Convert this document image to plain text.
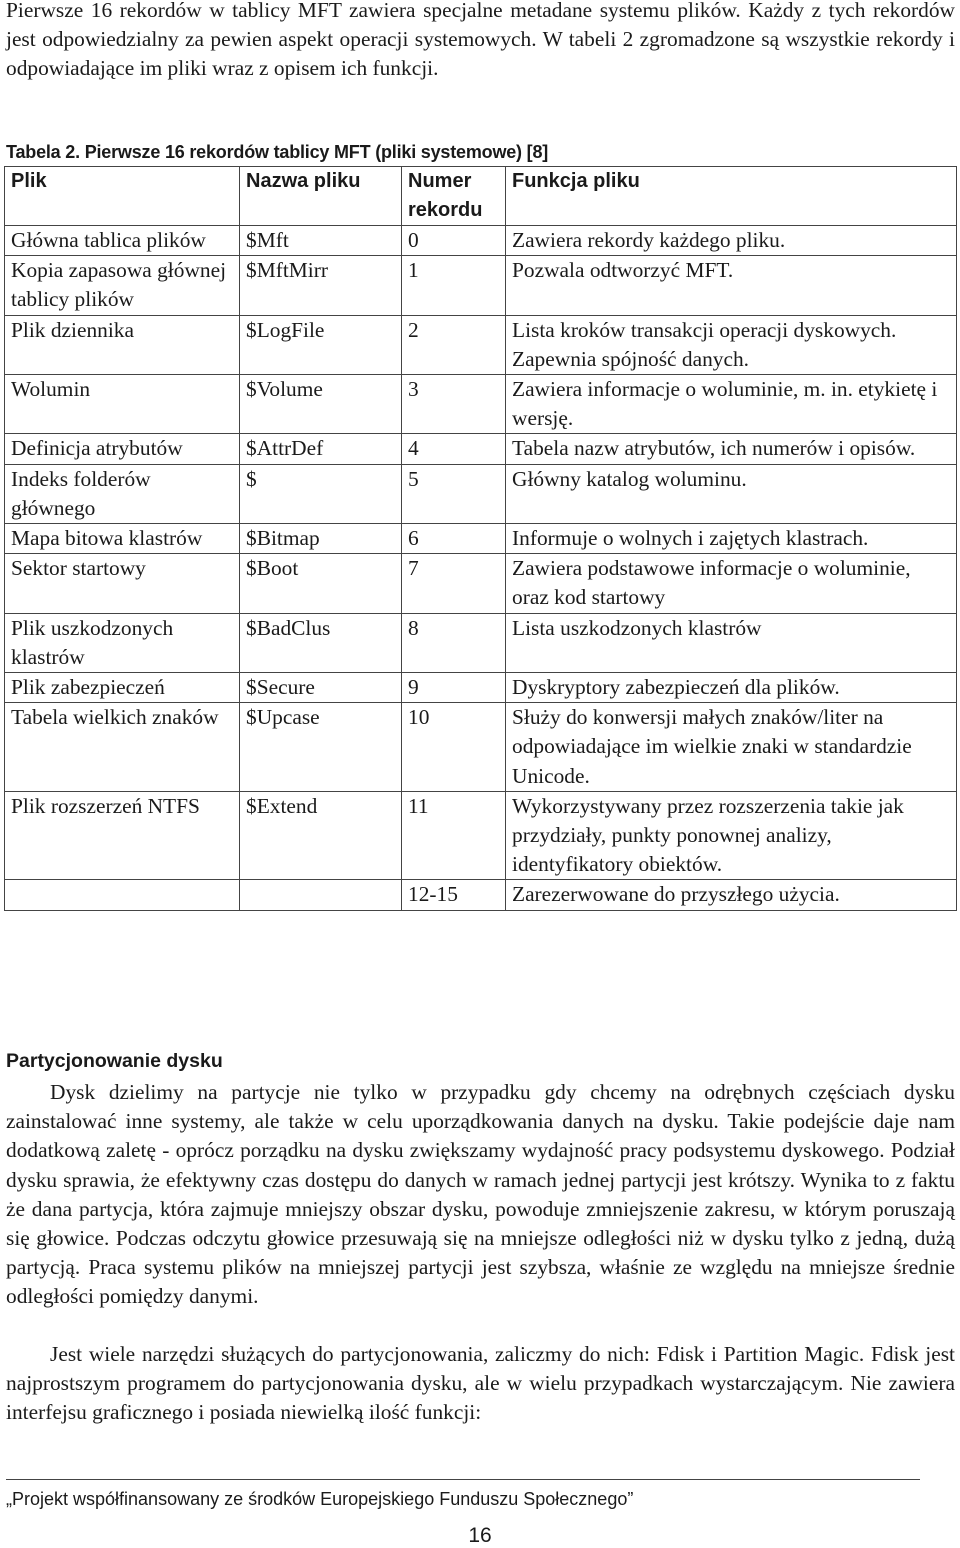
Pierwsze 16 rekordów w tablicy MFT zawiera specjalne metadane systemu plików. Każdy z tych rekordów jest odpowiedzialny za pewien aspekt operacji systemowych. W tabeli 2 zgromadzone są wszystkie rekordy i odpowiadające im pliki wraz z opisem ich funkcji.

Tabela 2. Pierwsze 16 rekordów tablicy MFT (pliki systemowe) [8]
Plik	Nazwa pliku	Numer rekordu	Funkcja pliku
Główna tablica plików	$Mft	0	Zawiera rekordy każdego pliku.
Kopia zapasowa głównej tablicy plików	$MftMirr	1	Pozwala odtworzyć MFT.
Plik dziennika	$LogFile	2	Lista kroków transakcji operacji dyskowych. Zapewnia spójność danych.
Wolumin	$Volume	3	Zawiera informacje o woluminie, m. in. etykietę i wersję.
Definicja atrybutów	$AttrDef	4	Tabela nazw atrybutów, ich numerów i opisów.
Indeks folderów głównego	$	5	Główny katalog woluminu.
Mapa bitowa klastrów	$Bitmap	6	Informuje o wolnych i zajętych klastrach.
Sektor startowy	$Boot	7	Zawiera podstawowe informacje o woluminie, oraz kod startowy
Plik uszkodzonych klastrów	$BadClus	8	Lista uszkodzonych klastrów
Plik zabezpieczeń	$Secure	9	Dyskryptory zabezpieczeń dla plików.
Tabela wielkich znaków	$Upcase	10	Służy do konwersji małych znaków/liter na odpowiadające im wielkie znaki w standardzie Unicode.
Plik rozszerzeń NTFS	$Extend	11	Wykorzystywany przez rozszerzenia takie jak przydziały, punkty ponownej analizy, identyfikatory obiektów.
		12-15	Zarezerwowane do przyszłego użycia.
Partycjonowanie dysku

Dysk dzielimy na partycje nie tylko w przypadku gdy chcemy na odrębnych częściach dysku zainstalować inne systemy, ale także w celu uporządkowania danych na dysku. Takie podejście daje nam dodatkową zaletę - oprócz porządku na dysku zwiększamy wydajność pracy podsystemu dyskowego. Podział dysku sprawia, że efektywny czas dostępu do danych w ramach jednej partycji jest krótszy. Wynika to z faktu że dana partycja, która zajmuje mniejszy obszar dysku, powoduje zmniejszenie zakresu, w którym poruszają się głowice. Podczas odczytu głowice przesuwają się na mniejsze odległości niż w dysku tylko z jedną, dużą partycją. Praca systemu plików na mniejszej partycji jest szybsza, właśnie ze względu na mniejsze średnie odległości pomiędzy danymi.

Jest wiele narzędzi służących do partycjonowania, zaliczmy do nich: Fdisk i Partition Magic. Fdisk jest najprostszym programem do partycjonowania dysku, ale w wielu przypadkach wystarczającym. Nie zawiera interfejsu graficznego i posiada niewielką ilość funkcji:

„Projekt współfinansowany ze środków Europejskiego Funduszu Społecznego”
16
